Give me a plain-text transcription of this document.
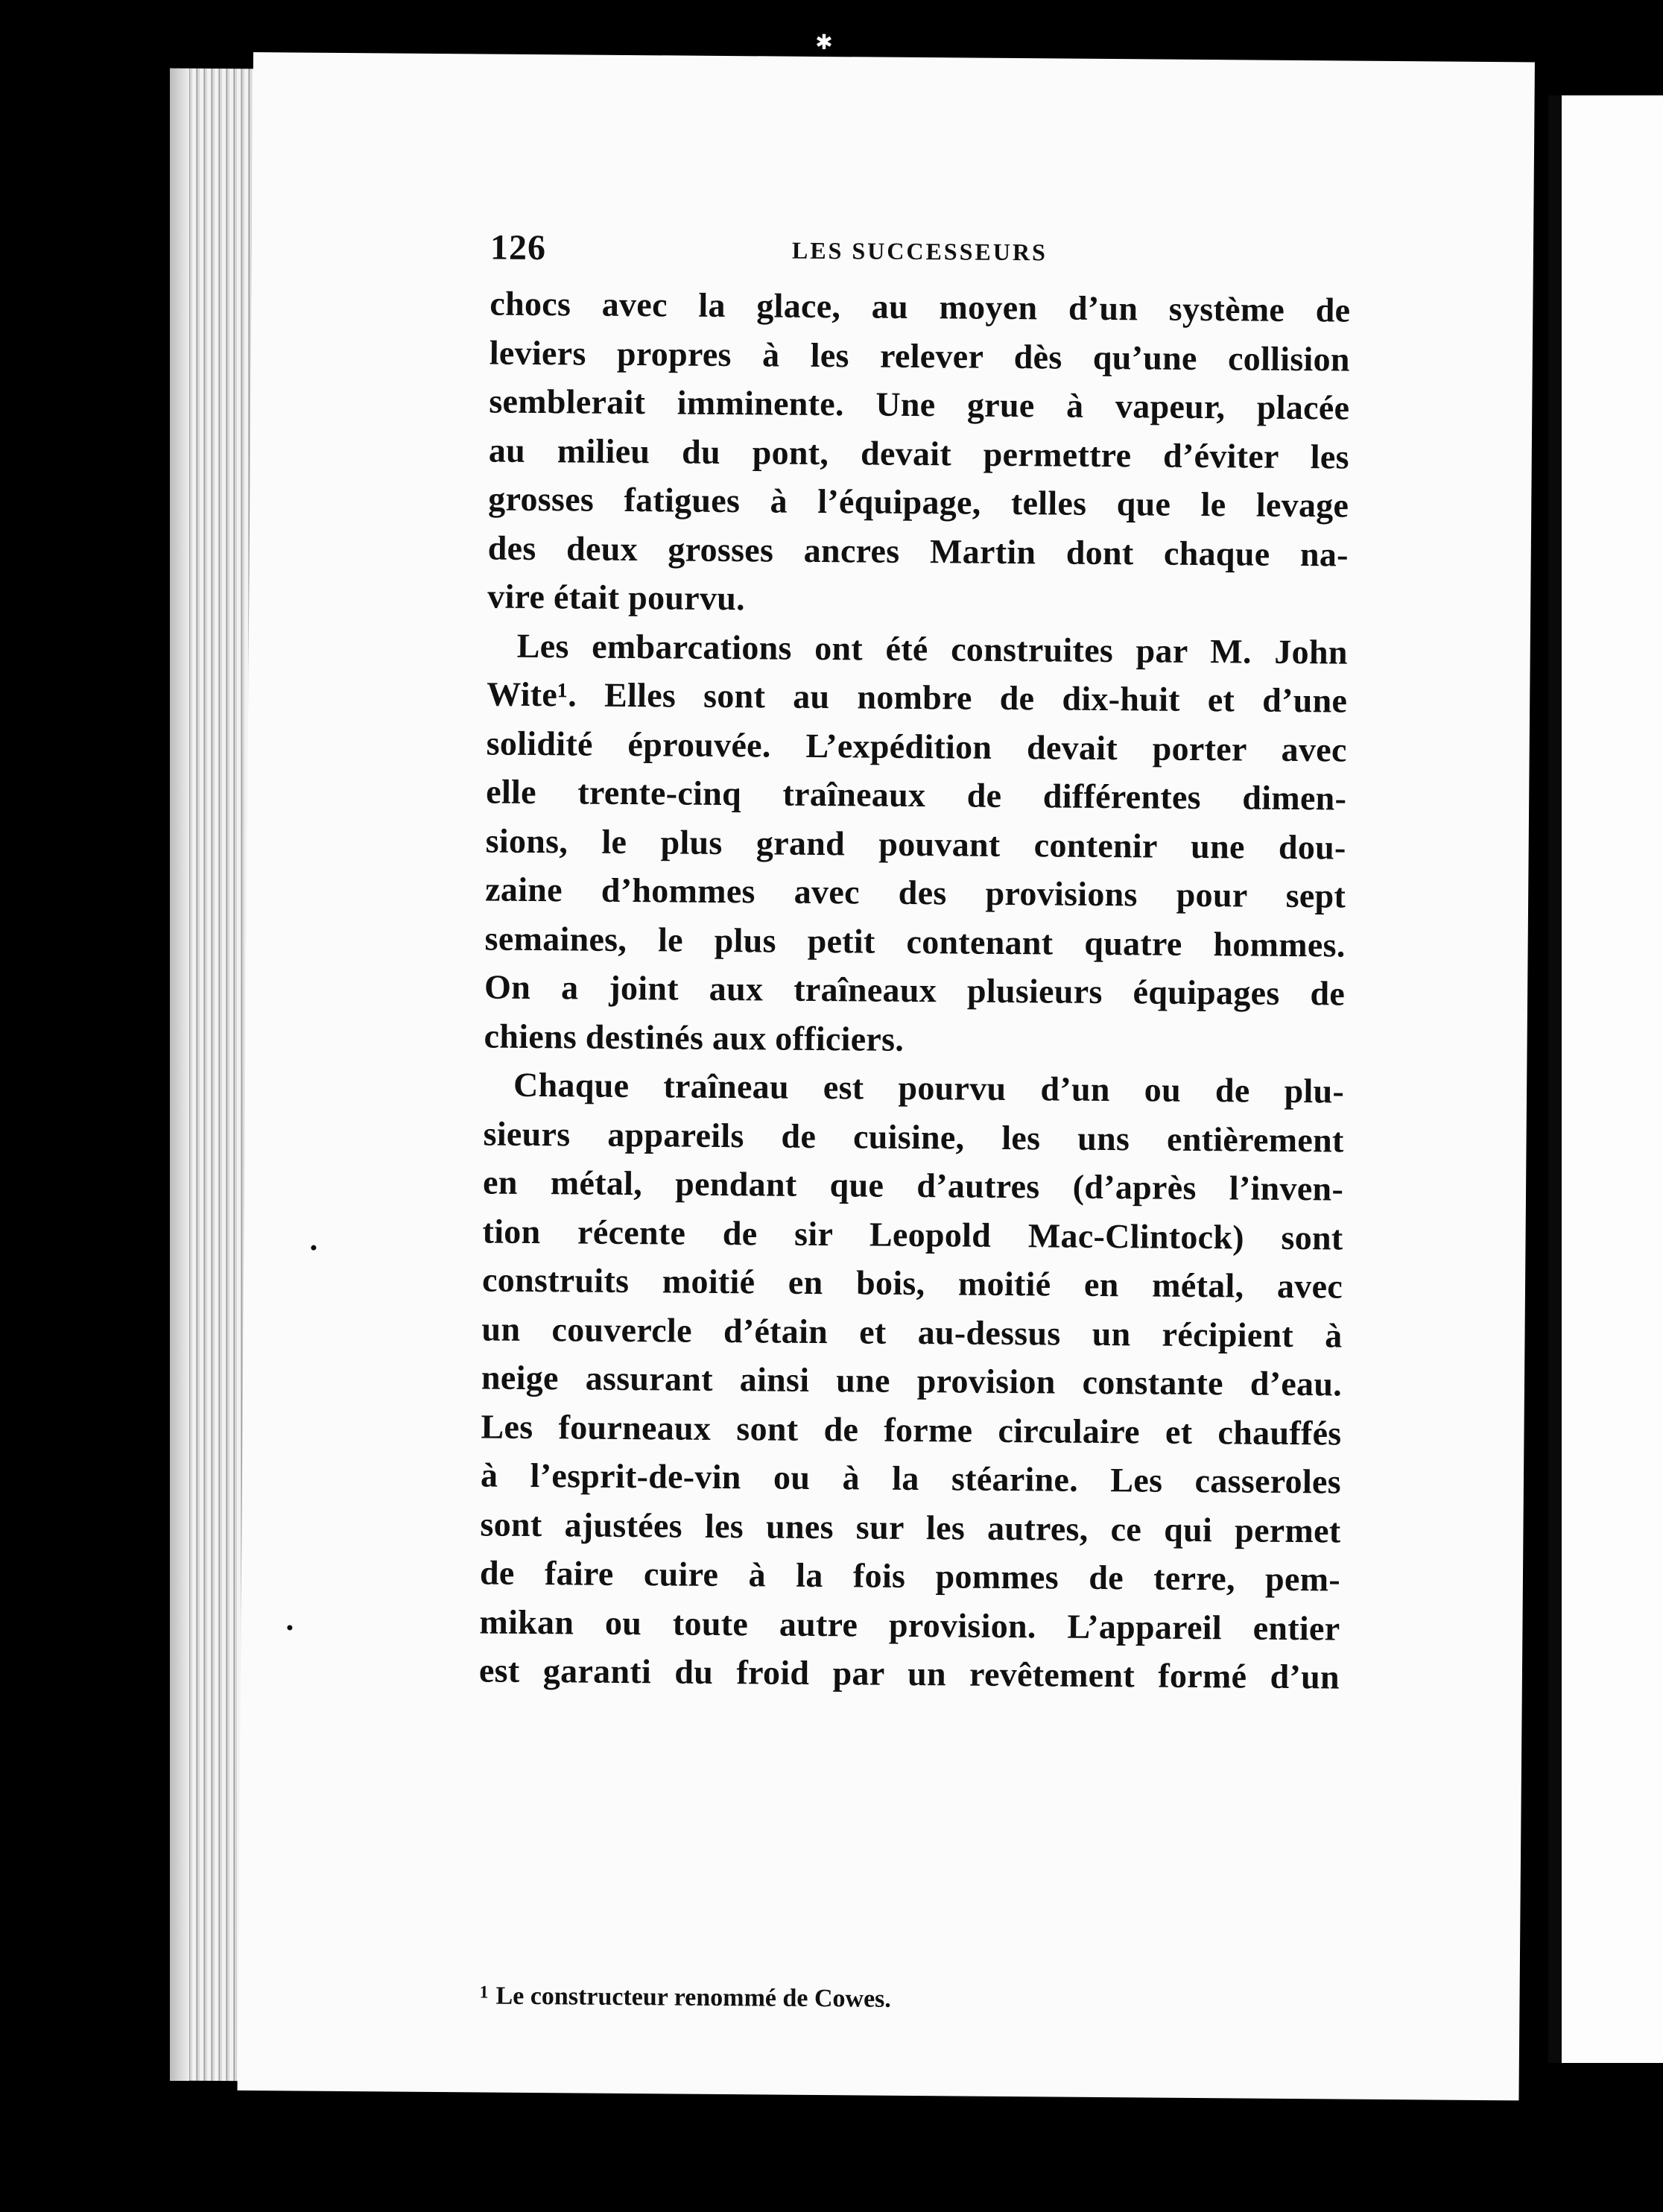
✱
126	LES SUCCESSEURS
chocs avec la glace, au moyen d’un système de
leviers propres à les relever dès qu’une collision
semblerait imminente. Une grue à vapeur, placée
au milieu du pont, devait permettre d’éviter les
grosses fatigues à l’équipage, telles que le levage
des deux grosses ancres Martin dont chaque na-
vire était pourvu.
Les embarcations ont été construites par M. John
Wite¹. Elles sont au nombre de dix-huit et d’une
solidité éprouvée. L’expédition devait porter avec
elle trente-cinq traîneaux de différentes dimen-
sions, le plus grand pouvant contenir une dou-
zaine d’hommes avec des provisions pour sept
semaines, le plus petit contenant quatre hommes.
On a joint aux traîneaux plusieurs équipages de
chiens destinés aux officiers.
Chaque traîneau est pourvu d’un ou de plu-
sieurs appareils de cuisine, les uns entièrement
en métal, pendant que d’autres (d’après l’inven-
tion récente de sir Leopold Mac-Clintock) sont
construits moitié en bois, moitié en métal, avec
un couvercle d’étain et au-dessus un récipient à
neige assurant ainsi une provision constante d’eau.
Les fourneaux sont de forme circulaire et chauffés
à l’esprit-de-vin ou à la stéarine. Les casseroles
sont ajustées les unes sur les autres, ce qui permet
de faire cuire à la fois pommes de terre, pem-
mikan ou toute autre provision. L’appareil entier
est garanti du froid par un revêtement formé d’un
$^1$ Le constructeur renommé de Cowes.
